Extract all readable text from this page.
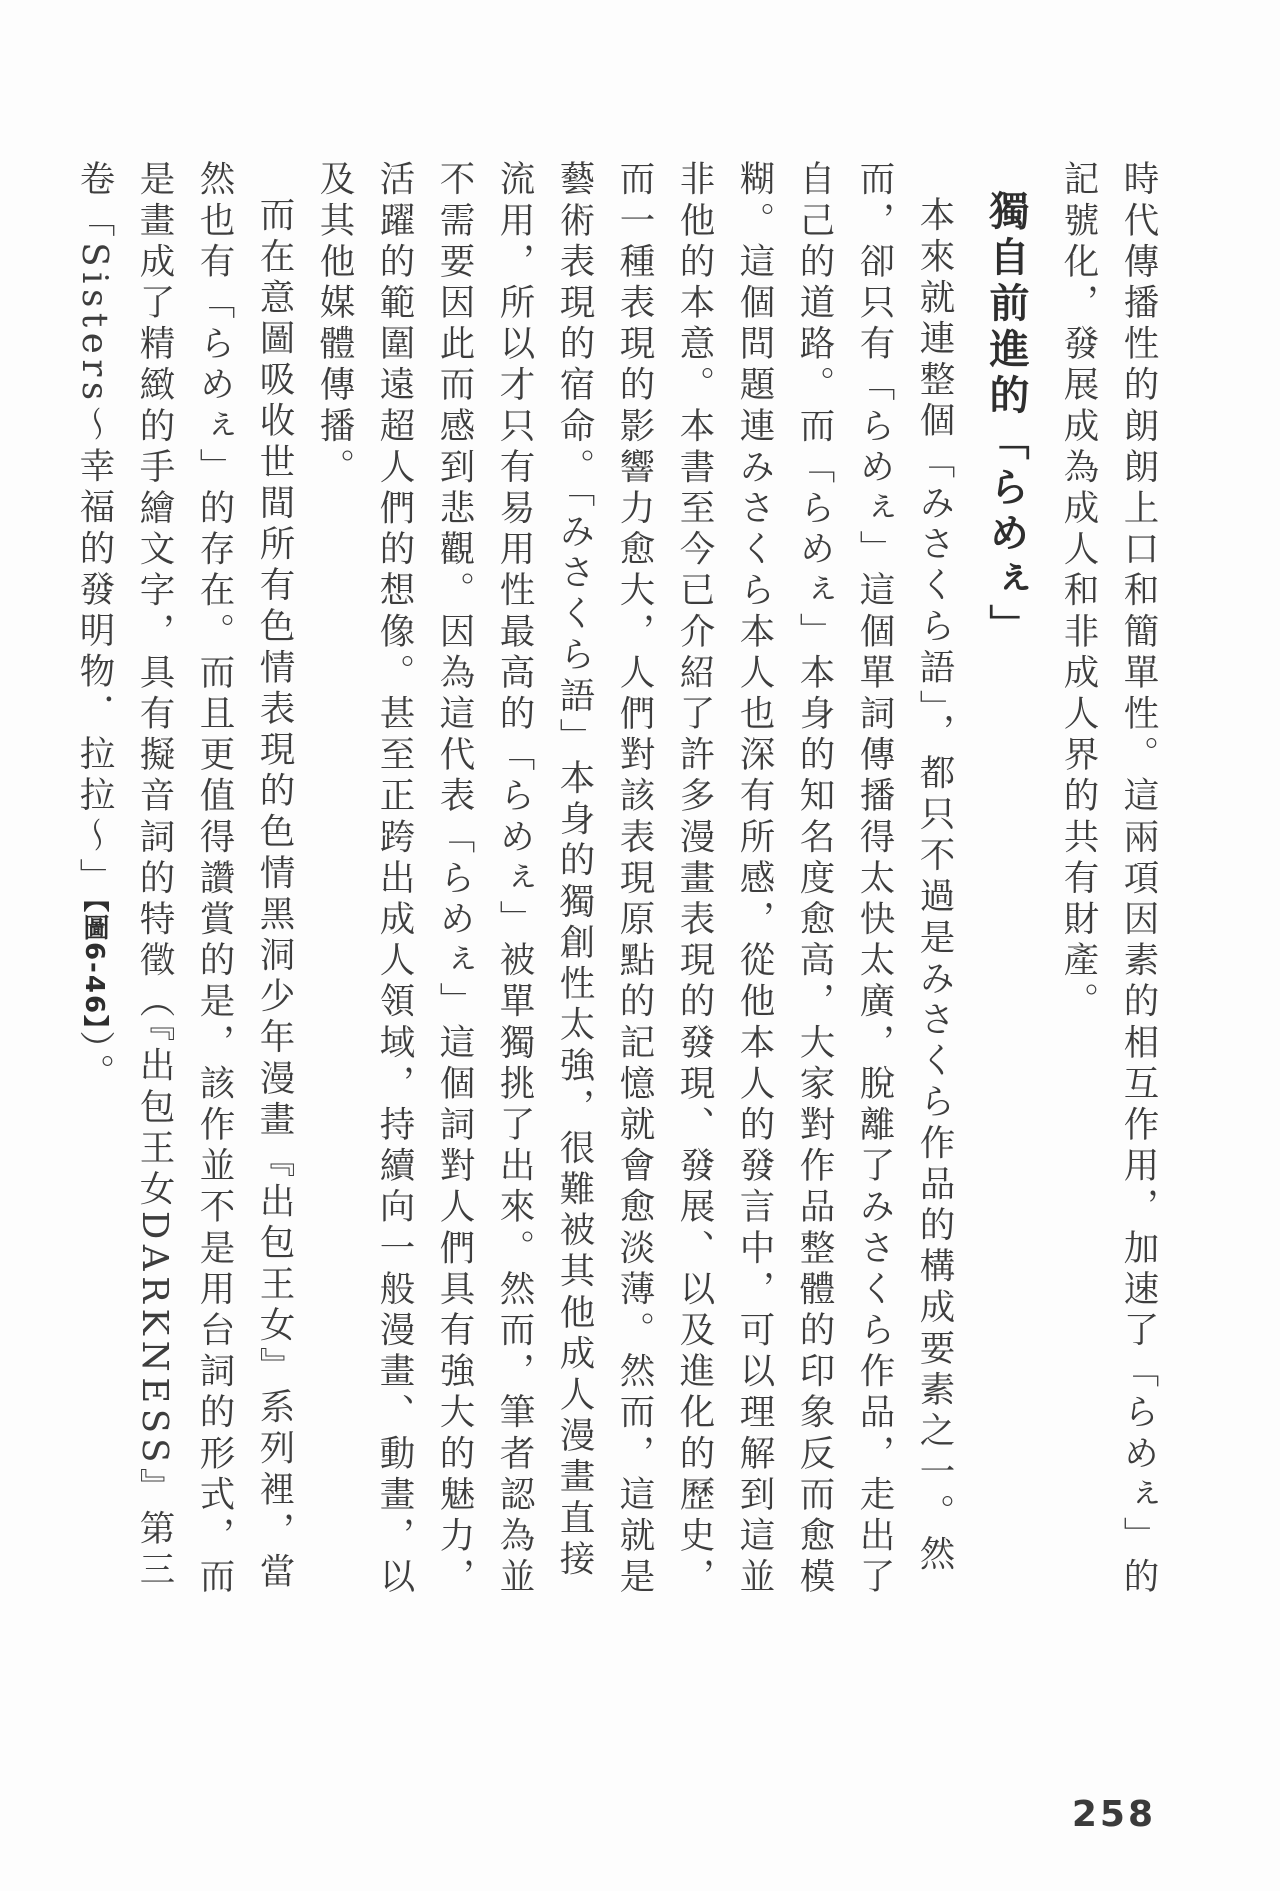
時代傳播性的朗朗上口和簡單性。這兩項因素的相互作用，加速了「らめぇ」的記號化，發展成為成人和非成人界的共有財產。

獨自前進的「らめぇ」

本來就連整個「みさくら語」，都只不過是みさくら作品的構成要素之一。然而，卻只有「らめぇ」這個單詞傳播得太快太廣，脫離了みさくら作品，走出了自己的道路。而「らめぇ」本身的知名度愈高，大家對作品整體的印象反而愈模糊。這個問題連みさくら本人也深有所感，從他本人的發言中，可以理解到這並非他的本意。本書至今已介紹了許多漫畫表現的發現、發展、以及進化的歷史，而一種表現的影響力愈大，人們對該表現原點的記憶就會愈淡薄。然而，這就是藝術表現的宿命。「みさくら語」本身的獨創性太強，很難被其他成人漫畫直接流用，所以才只有易用性最高的「らめぇ」被單獨挑了出來。然而，筆者認為並不需要因此而感到悲觀。因為這代表「らめぇ」這個詞對人們具有強大的魅力，活躍的範圍遠超人們的想像。甚至正跨出成人領域，持續向一般漫畫、動畫，以及其他媒體傳播。

而在意圖吸收世間所有色情表現的色情黑洞少年漫畫『出包王女』系列裡，當然也有「らめぇ」的存在。而且更值得讚賞的是，該作並不是用台詞的形式，而是畫成了精緻的手繪文字，具有擬音詞的特徵（『出包王女DARKNESS』第三卷「Sisters～幸福的發明物．拉拉～」【圖6-46】）。

258
